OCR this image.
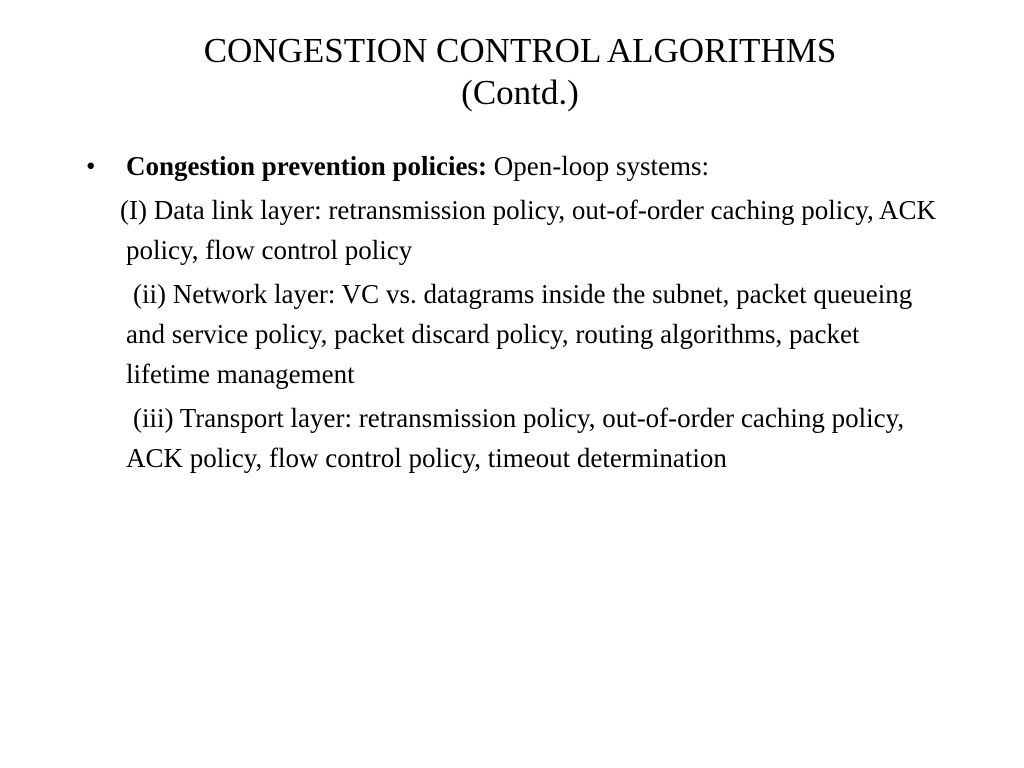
CONGESTION CONTROL ALGORITHMS
(Contd.)

• Congestion prevention policies: Open-loop systems:

(I) Data link layer: retransmission policy, out-of-order caching policy, ACK policy, flow control policy

(ii) Network layer: VC vs. datagrams inside the subnet, packet queueing and service policy, packet discard policy, routing algorithms, packet lifetime management

(iii) Transport layer: retransmission policy, out-of-order caching policy, ACK policy, flow control policy, timeout determination
